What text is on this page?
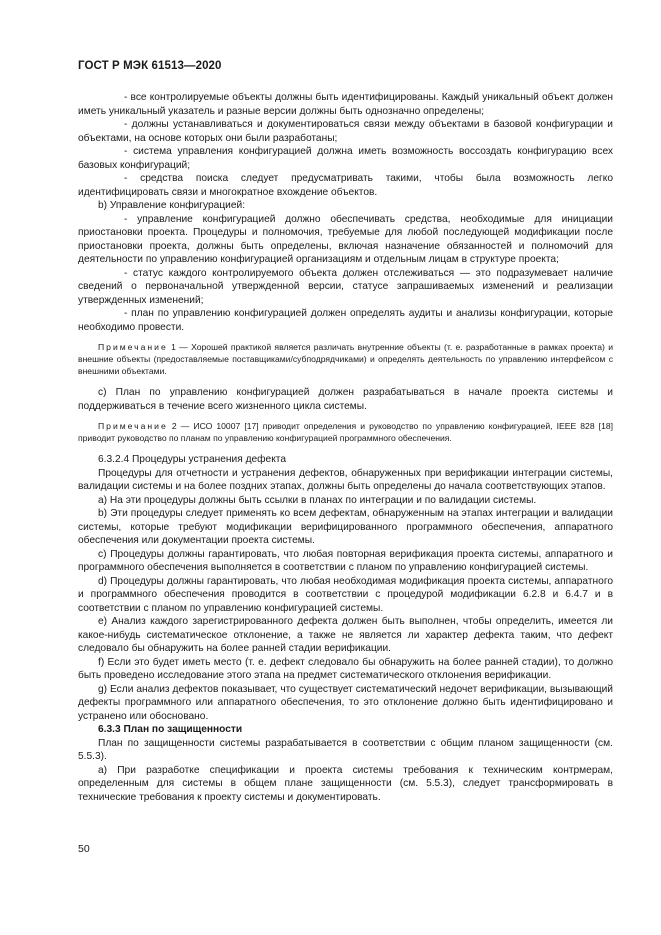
ГОСТ Р МЭК 61513—2020

- все контролируемые объекты должны быть идентифицированы. Каждый уникальный объект должен иметь уникальный указатель и разные версии должны быть однозначно определены;

- должны устанавливаться и документироваться связи между объектами в базовой конфигурации и объектами, на основе которых они были разработаны;

- система управления конфигурацией должна иметь возможность воссоздать конфигурацию всех базовых конфигураций;

- средства поиска следует предусматривать такими, чтобы была возможность легко идентифицировать связи и многократное вхождение объектов.

b) Управление конфигурацией:

- управление конфигурацией должно обеспечивать средства, необходимые для инициации приостановки проекта. Процедуры и полномочия, требуемые для любой последующей модификации после приостановки проекта, должны быть определены, включая назначение обязанностей и полномочий для деятельности по управлению конфигурацией организациям и отдельным лицам в структуре проекта;

- статус каждого контролируемого объекта должен отслеживаться — это подразумевает наличие сведений о первоначальной утвержденной версии, статусе запрашиваемых изменений и реализации утвержденных изменений;

- план по управлению конфигурацией должен определять аудиты и анализы конфигурации, которые необходимо провести.

Примечание 1 — Хорошей практикой является различать внутренние объекты (т. е. разработанные в рамках проекта) и внешние объекты (предоставляемые поставщиками/субподрядчиками) и определять деятельность по управлению интерфейсом с внешними объектами.

c) План по управлению конфигурацией должен разрабатываться в начале проекта системы и поддерживаться в течение всего жизненного цикла системы.

Примечание 2 — ИСО 10007 [17] приводит определения и руководство по управлению конфигурацией, IEEE 828 [18] приводит руководство по планам по управлению конфигурацией программного обеспечения.

6.3.2.4 Процедуры устранения дефекта

Процедуры для отчетности и устранения дефектов, обнаруженных при верификации интеграции системы, валидации системы и на более поздних этапах, должны быть определены до начала соответствующих этапов.

a) На эти процедуры должны быть ссылки в планах по интеграции и по валидации системы.

b) Эти процедуры следует применять ко всем дефектам, обнаруженным на этапах интеграции и валидации системы, которые требуют модификации верифицированного программного обеспечения, аппаратного обеспечения или документации проекта системы.

c) Процедуры должны гарантировать, что любая повторная верификация проекта системы, аппаратного и программного обеспечения выполняется в соответствии с планом по управлению конфигурацией системы.

d) Процедуры должны гарантировать, что любая необходимая модификация проекта системы, аппаратного и программного обеспечения проводится в соответствии с процедурой модификации 6.2.8 и 6.4.7 и в соответствии с планом по управлению конфигурацией системы.

e) Анализ каждого зарегистрированного дефекта должен быть выполнен, чтобы определить, имеется ли какое-нибудь систематическое отклонение, а также не является ли характер дефекта таким, что дефект следовало бы обнаружить на более ранней стадии верификации.

f) Если это будет иметь место (т. е. дефект следовало бы обнаружить на более ранней стадии), то должно быть проведено исследование этого этапа на предмет систематического отклонения верификации.

g) Если анализ дефектов показывает, что существует систематический недочет верификации, вызывающий дефекты программного или аппаратного обеспечения, то это отклонение должно быть идентифицировано и устранено или обосновано.

6.3.3 План по защищенности

План по защищенности системы разрабатывается в соответствии с общим планом защищенности (см. 5.5.3).

a) При разработке спецификации и проекта системы требования к техническим контрмерам, определенным для системы в общем плане защищенности (см. 5.5.3), следует трансформировать в технические требования к проекту системы и документировать.

50
